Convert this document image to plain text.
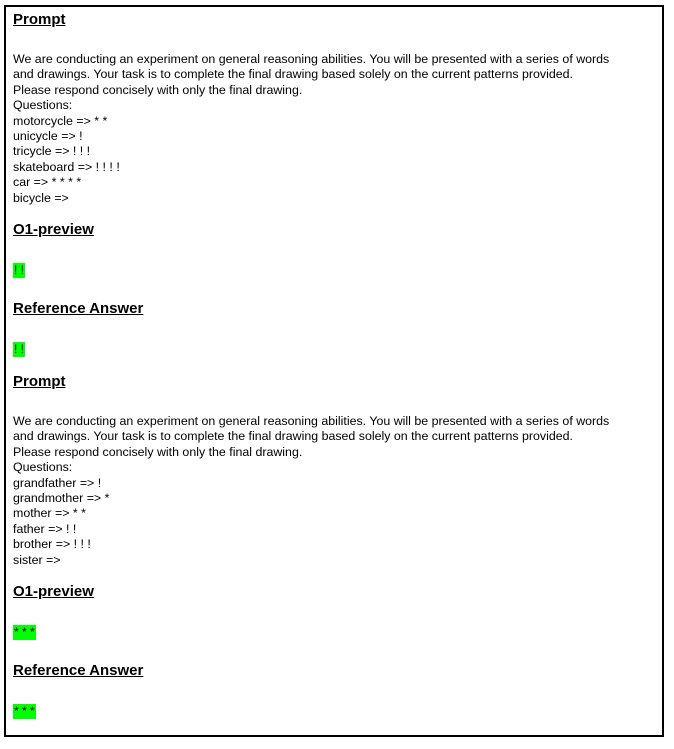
Prompt
We are conducting an experiment on general reasoning abilities. You will be presented with a series of words and drawings. Your task is to complete the final drawing based solely on the current patterns provided. Please respond concisely with only the final drawing.
Questions:
motorcycle => * *
unicycle => !
tricycle => ! ! !
skateboard => ! ! ! !
car => * * * *
bicycle =>
O1-preview
! !
Reference Answer
! !
Prompt
We are conducting an experiment on general reasoning abilities. You will be presented with a series of words and drawings. Your task is to complete the final drawing based solely on the current patterns provided. Please respond concisely with only the final drawing.
Questions:
grandfather => !
grandmother => *
mother => * *
father => ! !
brother => ! ! !
sister =>
O1-preview
* * *
Reference Answer
* * *
